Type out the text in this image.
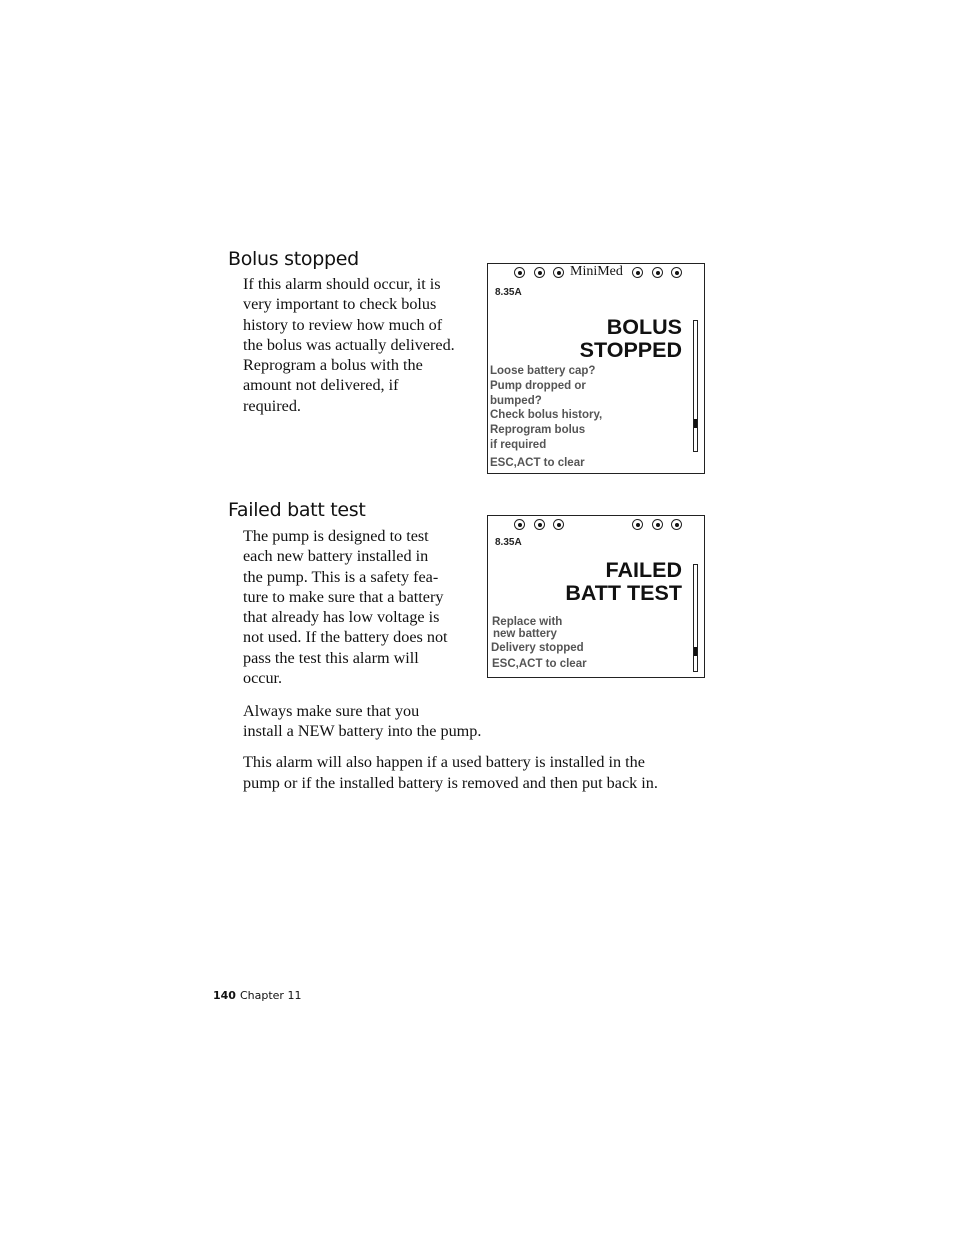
Bolus stopped
If this alarm should occur, it is
very important to check bolus
history to review how much of
the bolus was actually delivered.
Reprogram a bolus with the
amount not delivered, if
required.
MiniMed
8.35A
BOLUS
STOPPED
Loose battery cap?
Pump dropped or
bumped?
Check bolus history,
Reprogram bolus
if required
ESC,ACT to clear
Failed batt test
The pump is designed to test
each new battery installed in
the pump. This is a safety fea-
ture to make sure that a battery
that already has low voltage is
not used. If the battery does not
pass the test this alarm will
occur.
8.35A
FAILED
BATT TEST
Replace with
new battery
Delivery stopped
ESC,ACT to clear
Always make sure that you
install a NEW battery into the pump.
This alarm will also happen if a used battery is installed in the
pump or if the installed battery is removed and then put back in.
140 Chapter 11
